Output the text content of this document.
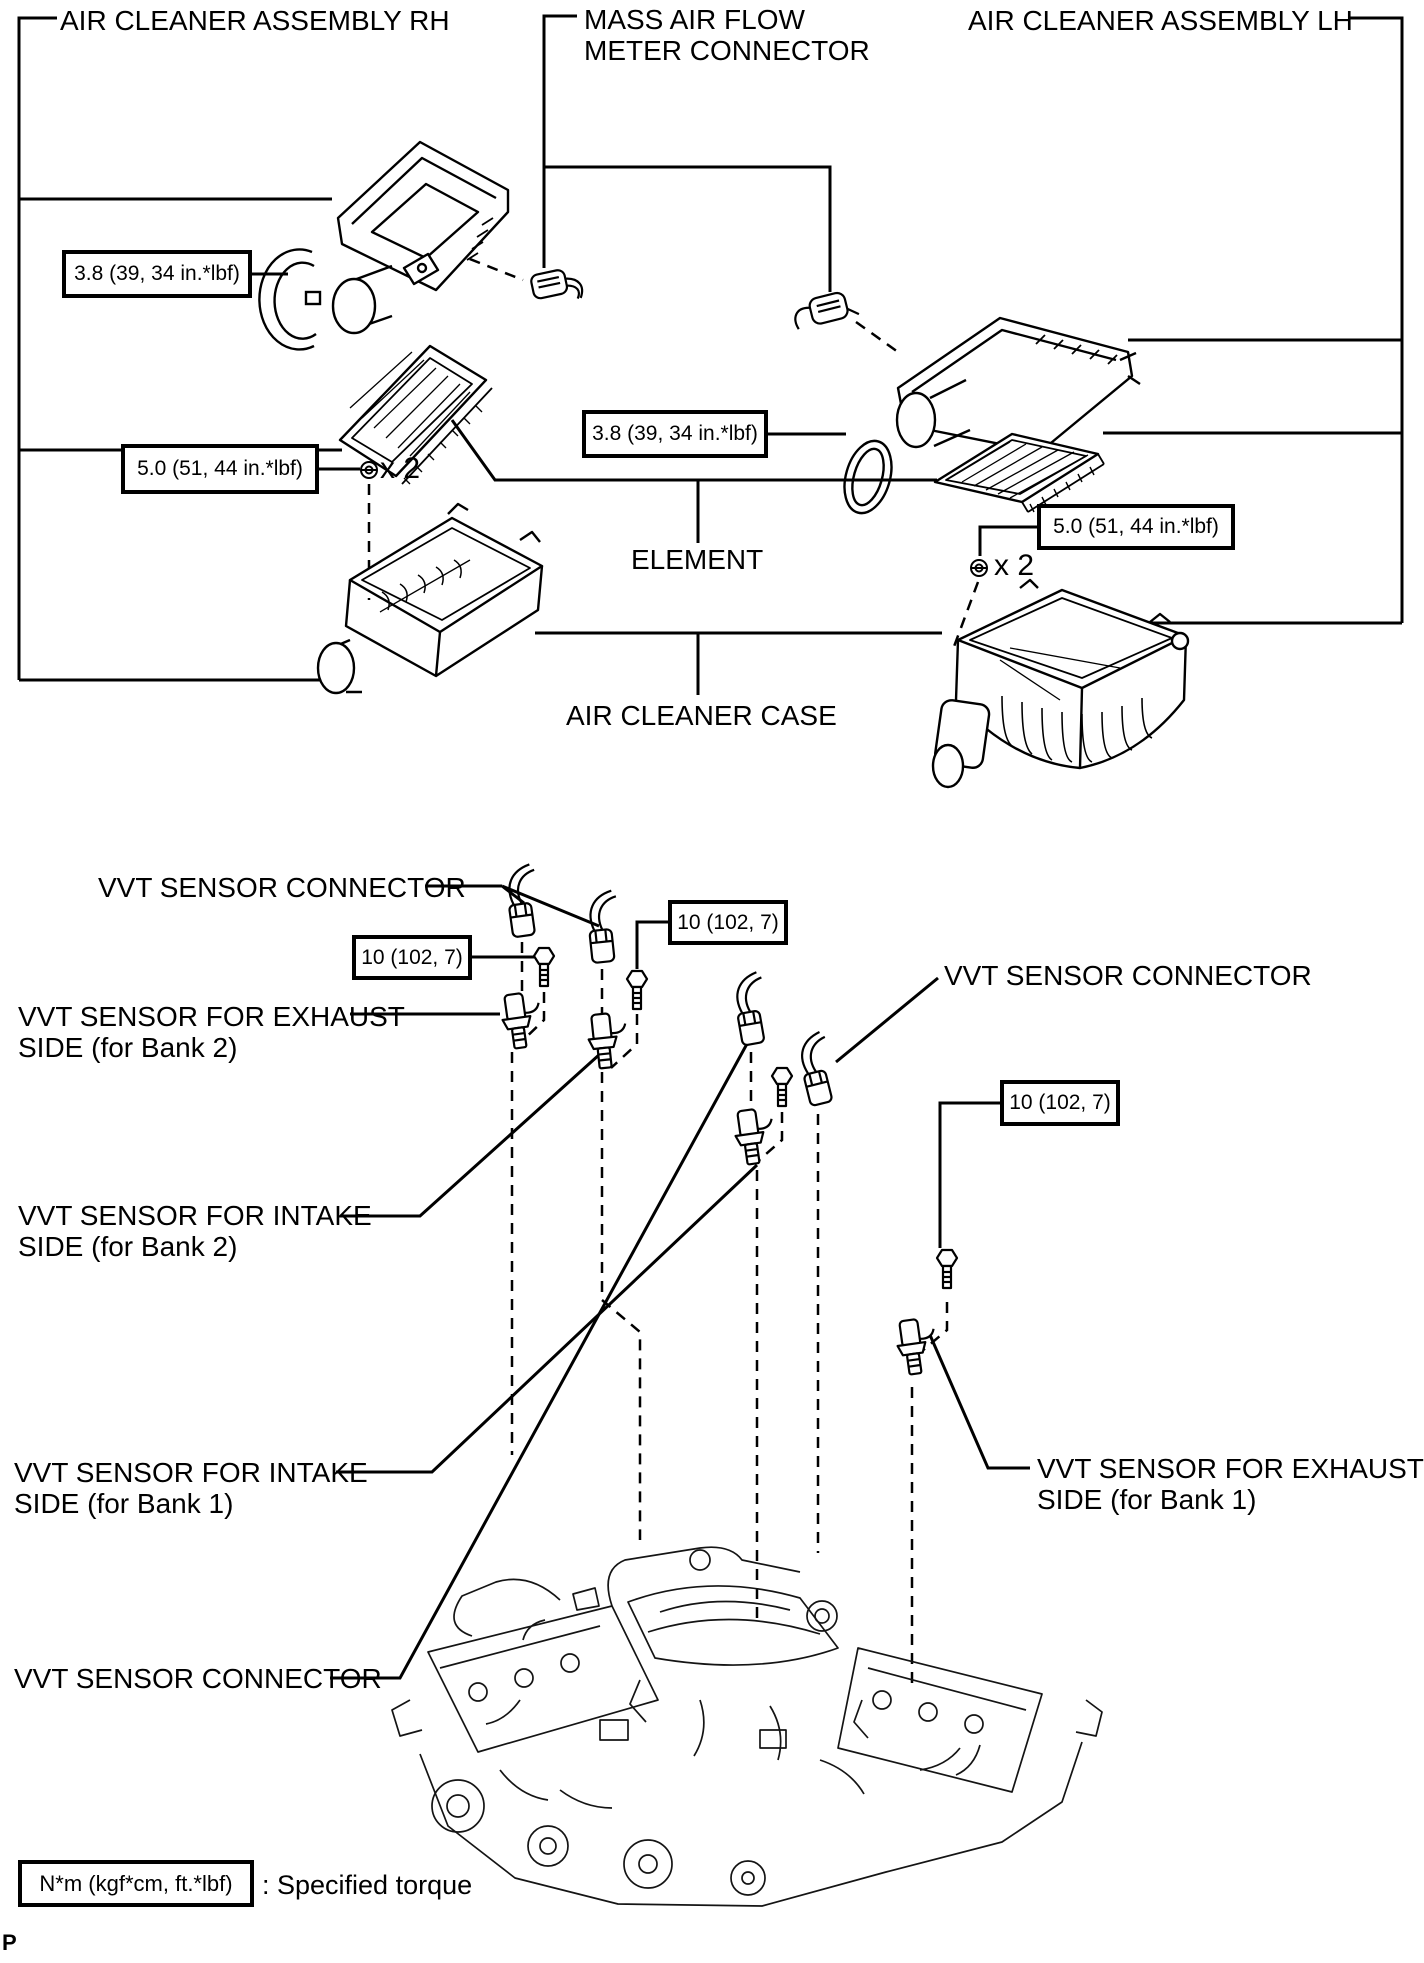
AIR CLEANER ASSEMBLY RH	MASS AIR FLOW
METER CONNECTOR
AIR CLEANER ASSEMBLY LH
3.8 (39, 34 in.*lbf)
3.8 (39, 34 in.*lbf)
5.0 (51, 44 in.*lbf)	x 2
5.0 (51, 44 in.*lbf)
x 2
ELEMENT
AIR CLEANER CASE
VVT SENSOR CONNECTOR
10 (102, 7)
10 (102, 7)
10 (102, 7)
VVT SENSOR FOR EXHAUST
SIDE (for Bank 2)
VVT SENSOR FOR INTAKE
SIDE (for Bank 2)
VVT SENSOR CONNECTOR
VVT SENSOR FOR INTAKE
SIDE (for Bank 1)
VVT SENSOR FOR EXHAUST
SIDE (for Bank 1)
VVT SENSOR CONNECTOR
N*m (kgf*cm, ft.*lbf)	: Specified torque
P
